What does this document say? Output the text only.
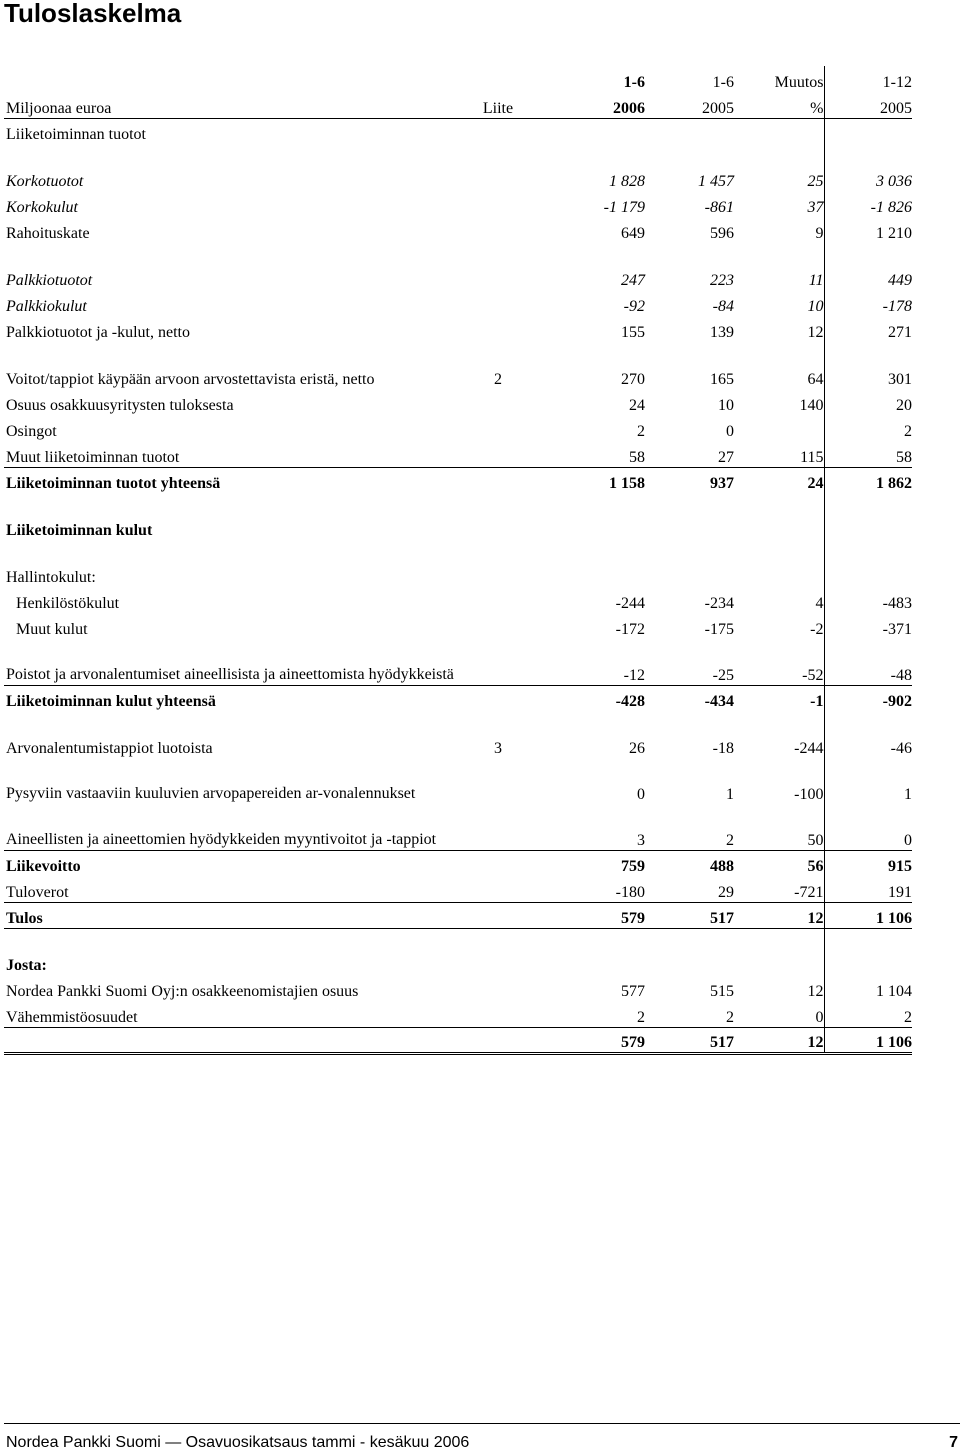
Tuloslaskelma
		1-6	1-6	Muutos	1-12
Miljoonaa euroa	Liite	2006	2005	%	2005
Liiketoiminnan tuotot					

Korkotuotot		1 828	1 457	25	3 036
Korkokulut		-1 179	-861	37	-1 826
Rahoituskate		649	596	9	1 210

Palkkiotuotot		247	223	11	449
Palkkiokulut		-92	-84	10	-178
Palkkiotuotot ja -kulut, netto		155	139	12	271

Voitot/tappiot käypään arvoon arvostettavista eristä, netto	2	270	165	64	301
Osuus osakkuusyritysten tuloksesta		24	10	140	20
Osingot		2	0		2
Muut liiketoiminnan tuotot		58	27	115	58
Liiketoiminnan tuotot yhteensä		1 158	937	24	1 862

Liiketoiminnan kulut					

Hallintokulut:					
Henkilöstökulut		-244	-234	4	-483
Muut kulut		-172	-175	-2	-371
Poistot ja arvonalentumiset aineellisista ja aineettomista hyödykkeistä		-12	-25	-52	-48
Liiketoiminnan kulut yhteensä		-428	-434	-1	-902

Arvonalentumistappiot luotoista	3	26	-18	-244	-46
Pysyviin vastaaviin kuuluvien arvopapereiden ar-vonalennukset		0	1	-100	1
Aineellisten ja aineettomien hyödykkeiden myyntivoitot ja -tappiot		3	2	50	0
Liikevoitto		759	488	56	915
Tuloverot		-180	29	-721	191
Tulos		579	517	12	1 106

Josta:					
Nordea Pankki Suomi Oyj:n osakkeenomistajien osuus		577	515	12	1 104
Vähemmistöosuudet		2	2	0	2
		579	517	12	1 106
Nordea Pankki Suomi — Osavuosikatsaus tammi - kesäkuu 2006	7
